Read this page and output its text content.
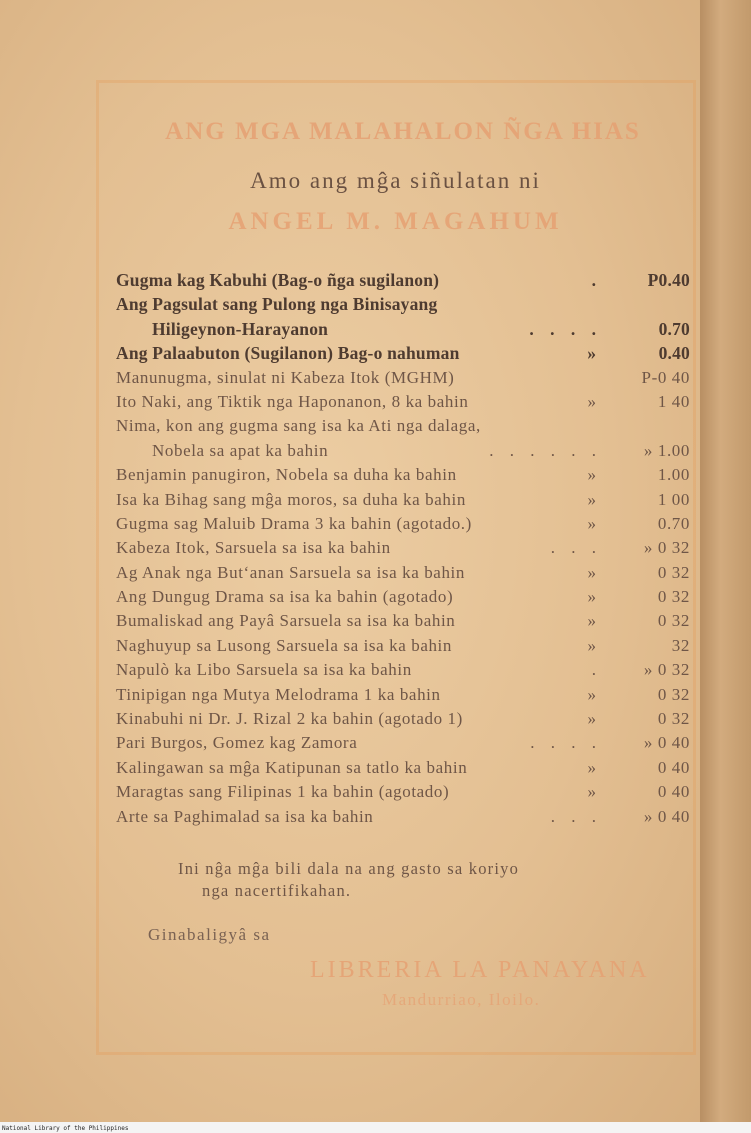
ANG MGA MALAHALON ÑGA HIAS
Amo ang mĝa siñulatan ni
ANGEL M. MAGAHUM
Gugma kag Kabuhi (Bag-o ñga sugilanon)	.	P0.40
Ang Pagsulat sang Pulong nga Binisayang
Hiligeynon-Harayanon	. . . .	0.70
Ang Palaabuton (Sugilanon) Bag-o nahuman	»	0.40
Manunugma, sinulat ni Kabeza Itok (MGHM)	P-0 40
Ito Naki, ang Tiktik nga Haponanon, 8 ka bahin	»	1 40
Nima, kon ang gugma sang isa ka Ati nga dalaga,
Nobela sa apat ka bahin	. . . . . .	» 1.00
Benjamin panugiron, Nobela sa duha ka bahin	»	1.00
Isa ka Bihag sang mĝa moros, sa duha ka bahin	»	1 00
Gugma sag Maluib Drama 3 ka bahin (agotado.)	»	0.70
Kabeza Itok, Sarsuela sa isa ka bahin	. . .	» 0 32
Ag Anak nga Butʻanan Sarsuela sa isa ka bahin	»	0 32
Ang Dungug Drama sa isa ka bahin (agotado)	»	0 32
Bumaliskad ang Payâ Sarsuela sa isa ka bahin	»	0 32
Naghuyup sa Lusong Sarsuela sa isa ka bahin	»	32
Napulò ka Libo Sarsuela sa isa ka bahin	.	» 0 32
Tinipigan nga Mutya Melodrama 1 ka bahin	»	0 32
Kinabuhi ni Dr. J. Rizal 2 ka bahin (agotado 1)	»	0 32
Pari Burgos, Gomez kag Zamora	. . . .	» 0 40
Kalingawan sa mĝa Katipunan sa tatlo ka bahin	»	0 40
Maragtas sang Filipinas 1 ka bahin (agotado)	»	0 40
Arte sa Paghimalad sa isa ka bahin	. . .	» 0 40
Ini nĝa mĝa bili dala na ang gasto sa koriyo
nga nacertifikahan.
Ginabaligyâ sa
LIBRERIA LA PANAYANA
Mandurriao, Iloilo.
National Library of the Philippines
